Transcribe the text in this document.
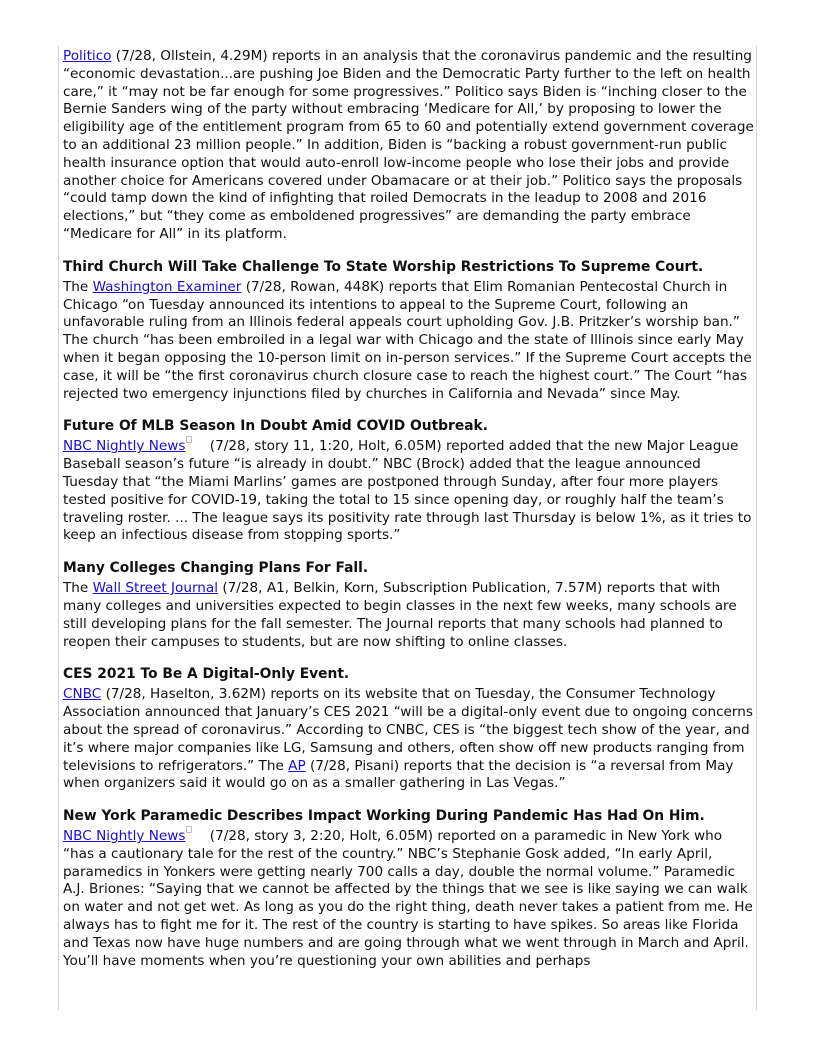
Politico (7/28, Ollstein, 4.29M) reports in an analysis that the coronavirus pandemic and the resulting “economic devastation...are pushing Joe Biden and the Democratic Party further to the left on health care,” it “may not be far enough for some progressives.” Politico says Biden is “inching closer to the Bernie Sanders wing of the party without embracing ‘Medicare for All,’ by proposing to lower the eligibility age of the entitlement program from 65 to 60 and potentially extend government coverage to an additional 23 million people.” In addition, Biden is “backing a robust government-run public health insurance option that would auto-enroll low-income people who lose their jobs and provide another choice for Americans covered under Obamacare or at their job.” Politico says the proposals “could tamp down the kind of infighting that roiled Democrats in the leadup to 2008 and 2016 elections,” but “they come as emboldened progressives” are demanding the party embrace “Medicare for All” in its platform.

Third Church Will Take Challenge To State Worship Restrictions To Supreme Court.

The Washington Examiner (7/28, Rowan, 448K) reports that Elim Romanian Pentecostal Church in Chicago “on Tuesday announced its intentions to appeal to the Supreme Court, following an unfavorable ruling from an Illinois federal appeals court upholding Gov. J.B. Pritzker’s worship ban.” The church “has been embroiled in a legal war with Chicago and the state of Illinois since early May when it began opposing the 10-person limit on in-person services.” If the Supreme Court accepts the case, it will be “the first coronavirus church closure case to reach the highest court.” The Court “has rejected two emergency injunctions filed by churches in California and Nevada” since May.

Future Of MLB Season In Doubt Amid COVID Outbreak.

NBC Nightly News
(7/28, story 11, 1:20, Holt, 6.05M) reported added that the new Major League Baseball season’s future “is already in doubt.” NBC (Brock) added that the league announced Tuesday that “the Miami Marlins’ games are postponed through Sunday, after four more players tested positive for COVID-19, taking the total to 15 since opening day, or roughly half the team’s traveling roster. ... The league says its positivity rate through last Thursday is below 1%, as it tries to keep an infectious disease from stopping sports.”

Many Colleges Changing Plans For Fall.

The Wall Street Journal (7/28, A1, Belkin, Korn, Subscription Publication, 7.57M) reports that with many colleges and universities expected to begin classes in the next few weeks, many schools are still developing plans for the fall semester. The Journal reports that many schools had planned to reopen their campuses to students, but are now shifting to online classes.

CES 2021 To Be A Digital-Only Event.

CNBC (7/28, Haselton, 3.62M) reports on its website that on Tuesday, the Consumer Technology Association announced that January’s CES 2021 “will be a digital-only event due to ongoing concerns about the spread of coronavirus.” According to CNBC, CES is “the biggest tech show of the year, and it’s where major companies like LG, Samsung and others, often show off new products ranging from televisions to refrigerators.” The AP (7/28, Pisani) reports that the decision is “a reversal from May when organizers said it would go on as a smaller gathering in Las Vegas.”

New York Paramedic Describes Impact Working During Pandemic Has Had On Him.

NBC Nightly News
(7/28, story 3, 2:20, Holt, 6.05M) reported on a paramedic in New York who “has a cautionary tale for the rest of the country.” NBC’s Stephanie Gosk added, “In early April, paramedics in Yonkers were getting nearly 700 calls a day, double the normal volume.” Paramedic A.J. Briones: “Saying that we cannot be affected by the things that we see is like saying we can walk on water and not get wet. As long as you do the right thing, death never takes a patient from me. He always has to fight me for it. The rest of the country is starting to have spikes. So areas like Florida and Texas now have huge numbers and are going through what we went through in March and April. You’ll have moments when you’re questioning your own abilities and perhaps
